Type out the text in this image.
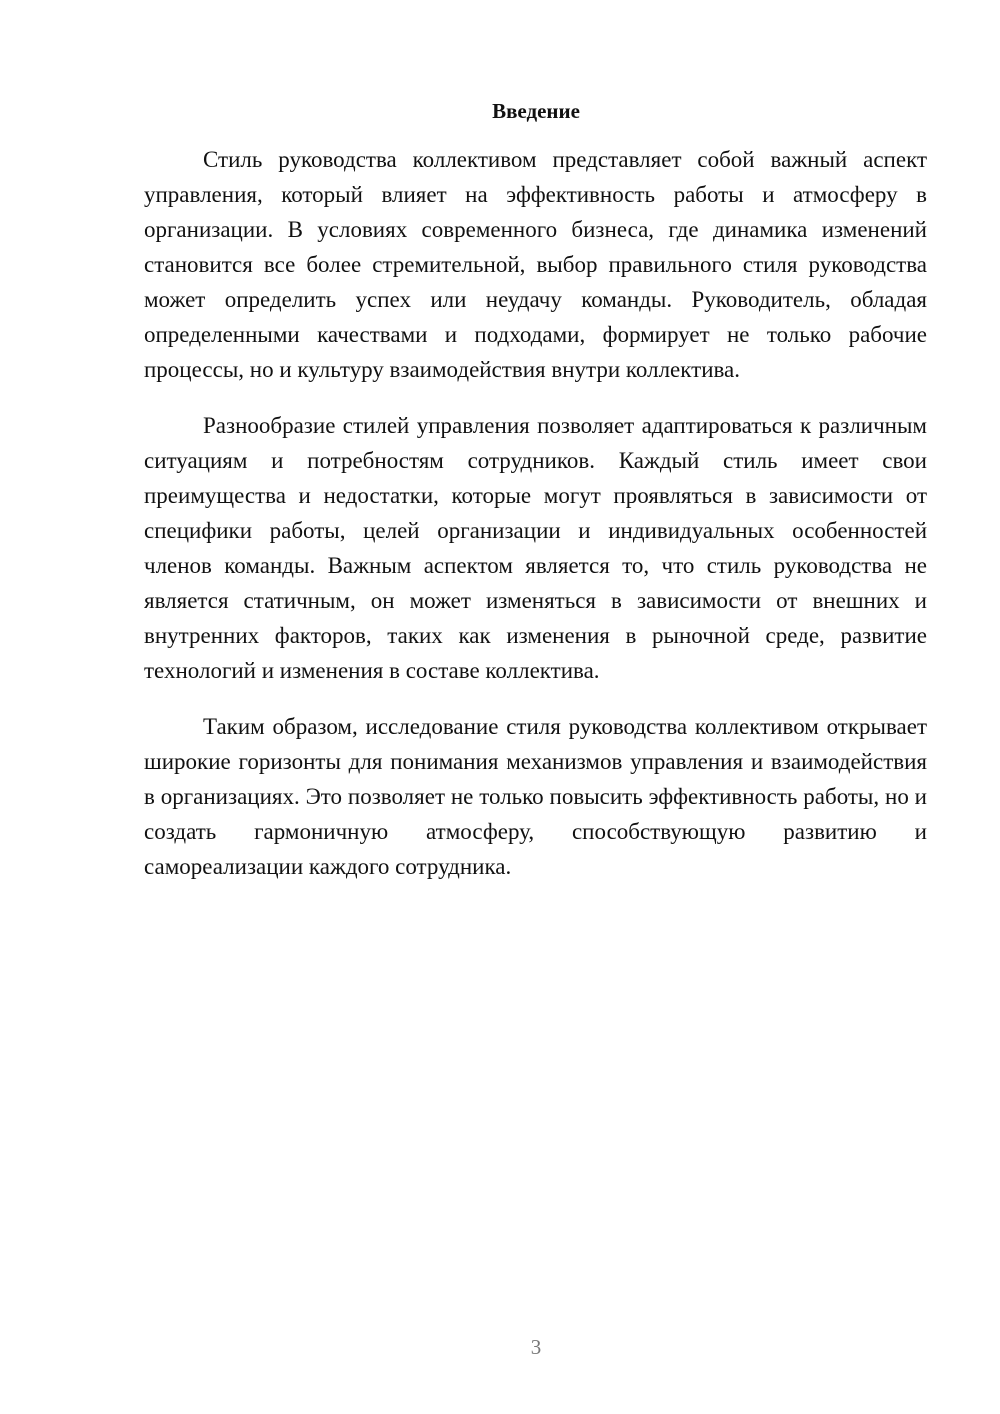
Введение

Стиль руководства коллективом представляет собой важный аспект управления, который влияет на эффективность работы и атмосферу в организации. В условиях современного бизнеса, где динамика изменений становится все более стремительной, выбор правильного стиля руководства может определить успех или неудачу команды. Руководитель, обладая определенными качествами и подходами, формирует не только рабочие процессы, но и культуру взаимодействия внутри коллектива.

Разнообразие стилей управления позволяет адаптироваться к различным ситуациям и потребностям сотрудников. Каждый стиль имеет свои преимущества и недостатки, которые могут проявляться в зависимости от специфики работы, целей организации и индивидуальных особенностей членов команды. Важным аспектом является то, что стиль руководства не является статичным, он может изменяться в зависимости от внешних и внутренних факторов, таких как изменения в рыночной среде, развитие технологий и изменения в составе коллектива.

Таким образом, исследование стиля руководства коллективом открывает широкие горизонты для понимания механизмов управления и взаимодействия в организациях. Это позволяет не только повысить эффективность работы, но и создать гармоничную атмосферу, способствующую развитию и самореализации каждого сотрудника.

3
